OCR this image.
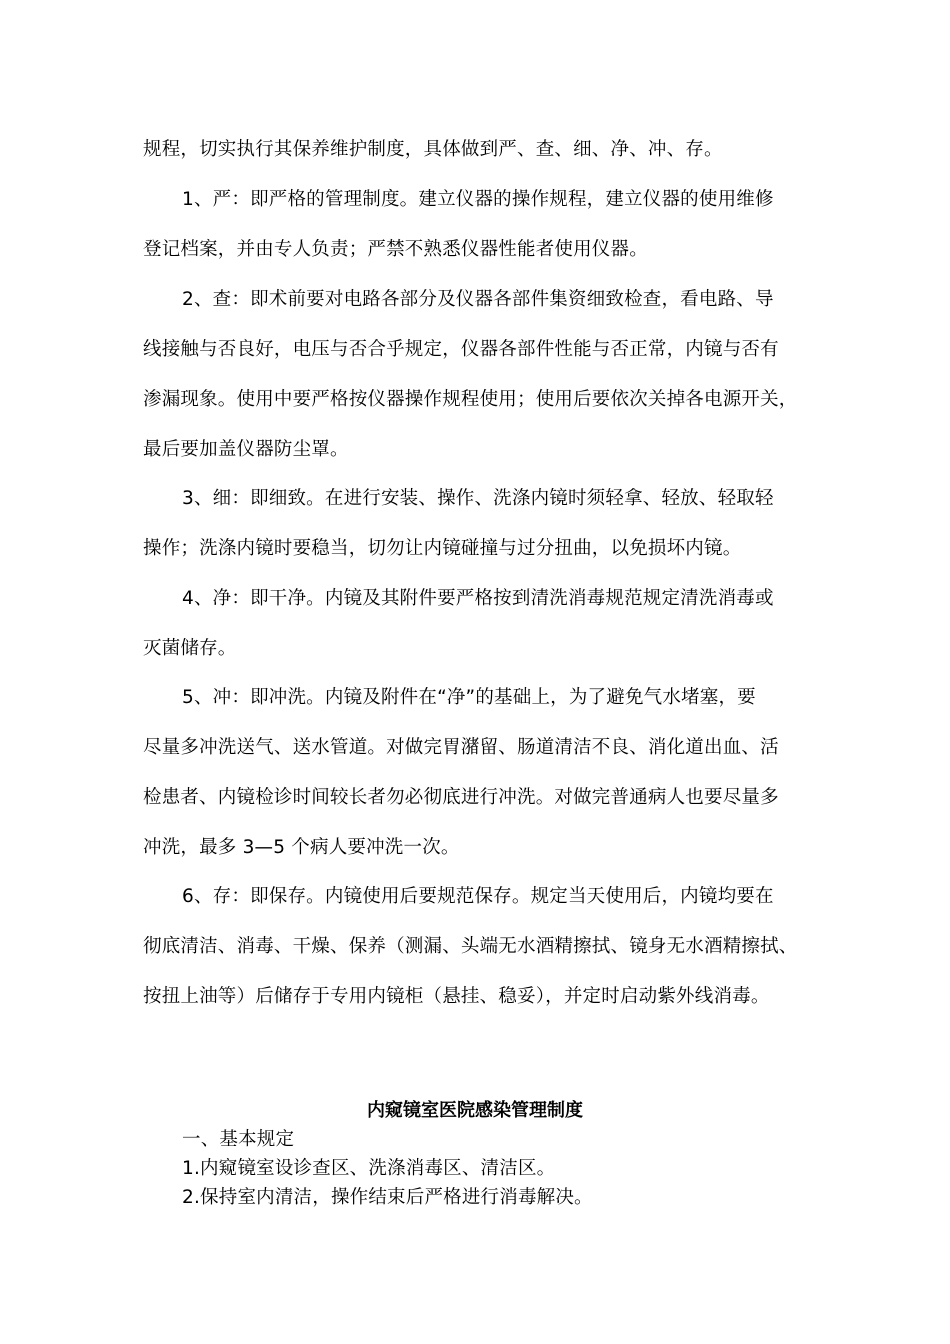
规程，切实执行其保养维护制度，具体做到严、查、细、净、冲、存。
1、严：即严格的管理制度。建立仪器的操作规程，建立仪器的使用维修
登记档案，并由专人负责；严禁不熟悉仪器性能者使用仪器。
2、查：即术前要对电路各部分及仪器各部件集资细致检查，看电路、导
线接触与否良好，电压与否合乎规定，仪器各部件性能与否正常，内镜与否有
渗漏现象。使用中要严格按仪器操作规程使用；使用后要依次关掉各电源开关，
最后要加盖仪器防尘罩。
3、细：即细致。在进行安装、操作、洗涤内镜时须轻拿、轻放、轻取轻
操作；洗涤内镜时要稳当，切勿让内镜碰撞与过分扭曲，以免损坏内镜。
4、净：即干净。内镜及其附件要严格按到清洗消毒规范规定清洗消毒或
灭菌储存。
5、冲：即冲洗。内镜及附件在“净”的基础上，为了避免气水堵塞，要
尽量多冲洗送气、送水管道。对做完胃潴留、肠道清洁不良、消化道出血、活
检患者、内镜检诊时间较长者勿必彻底进行冲洗。对做完普通病人也要尽量多
冲洗，最多 3—5 个病人要冲洗一次。
6、存：即保存。内镜使用后要规范保存。规定当天使用后，内镜均要在
彻底清洁、消毒、干燥、保养（测漏、头端无水酒精擦拭、镜身无水酒精擦拭、
按扭上油等）后储存于专用内镜柜（悬挂、稳妥），并定时启动紫外线消毒。
内窥镜室医院感染管理制度
一、基本规定
1.内窥镜室设诊查区、洗涤消毒区、清洁区。
2.保持室内清洁，操作结束后严格进行消毒解决。
